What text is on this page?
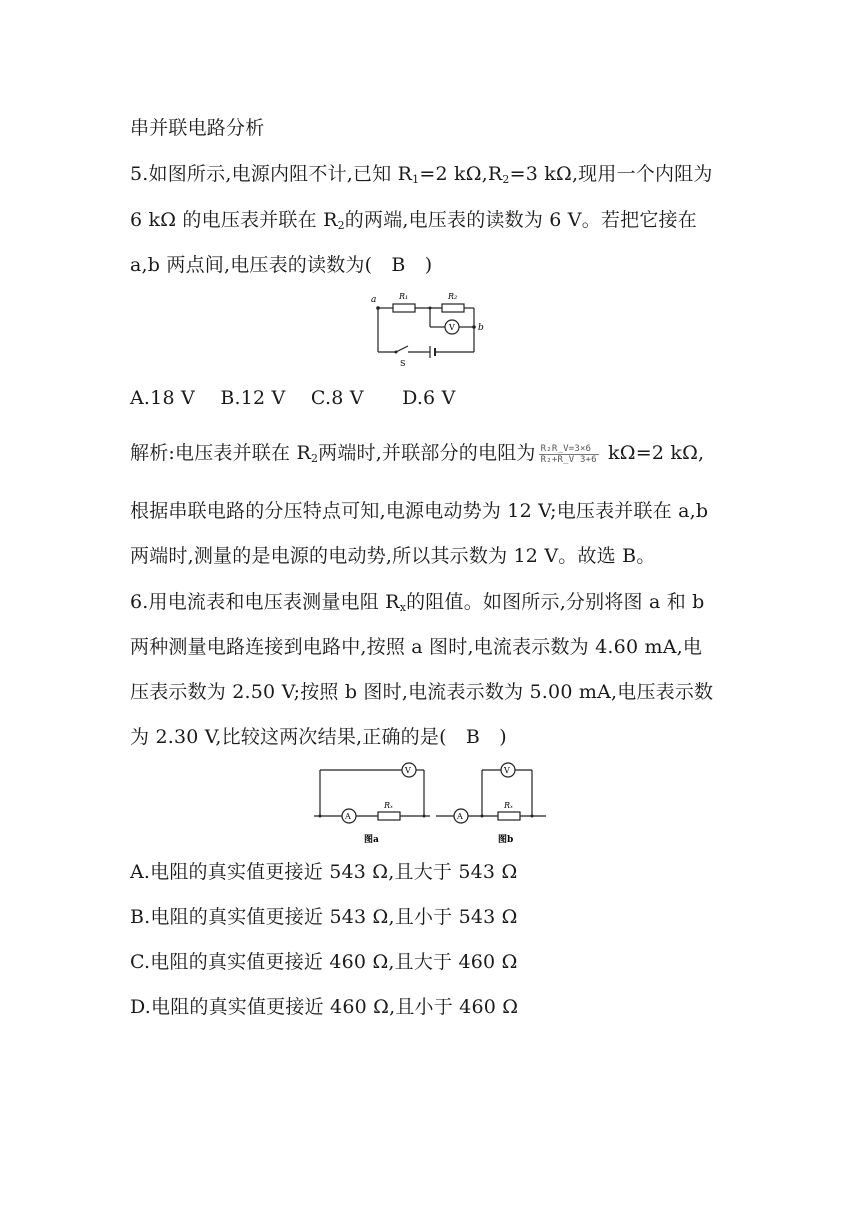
串并联电路分析
5.如图所示,电源内阻不计,已知 $R_1=2$ $k\Omega,R_2=3$ kΩ,现用一个内阻为
6 kΩ 的电压表并联在 $R_2$的两端,电压表的读数为 6 V。若把它接在
a,b 两点间,电压表的读数为(　B　)
a
b
R₁	R₂
V
S
A.18 V　 B.12 V　 C.8 V　　D.6 V
解析:电压表并联在 $R_2$两端时,并联部分的电阻为 $\frac{\text{R₂R\_V=3×6}}{\text{R₂+R\_V 3+6}} k\Omega=2$ kΩ,
根据串联电路的分压特点可知,电源电动势为 12 V;电压表并联在 a,b
两端时,测量的是电源的电动势,所以其示数为 12 V。故选 B。
6.用电流表和电压表测量电阻 $R_x$的阻值。如图所示,分别将图 a 和 b
两种测量电路连接到电路中,按照 a 图时,电流表示数为 4.60 mA,电
压表示数为 2.50 V;按照 b 图时,电流表示数为 5.00 mA,电压表示数
为 2.30 V,比较这两次结果,正确的是(　B　)
A
V
Rₓ
图a
A
V
Rₓ
图b
A.电阻的真实值更接近 543 Ω,且大于 543 Ω
B.电阻的真实值更接近 543 Ω,且小于 543 Ω
C.电阻的真实值更接近 460 Ω,且大于 460 Ω
D.电阻的真实值更接近 460 Ω,且小于 460 Ω
